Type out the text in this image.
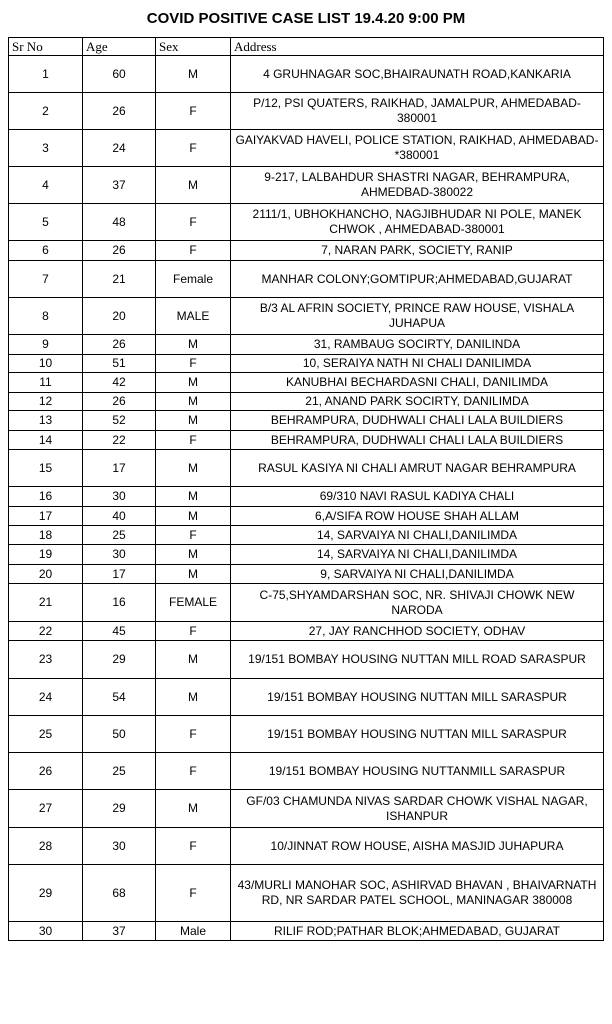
COVID POSITIVE CASE LIST 19.4.20 9:00 PM
Sr No	Age	Sex	Address
1	60	M	4 GRUHNAGAR SOC,BHAIRAUNATH ROAD,KANKARIA
2	26	F	P/12, PSI QUATERS, RAIKHAD, JAMALPUR, AHMEDABAD-380001
3	24	F	GAIYAKVAD HAVELI, POLICE STATION, RAIKHAD, AHMEDABAD-*380001
4	37	M	9-217, LALBAHDUR SHASTRI NAGAR, BEHRAMPURA, AHMEDBAD-380022
5	48	F	2111/1, UBHOKHANCHO, NAGJIBHUDAR NI POLE, MANEK CHWOK , AHMEDABAD-380001
6	26	F	7, NARAN PARK, SOCIETY, RANIP
7	21	Female	MANHAR COLONY;GOMTIPUR;AHMEDABAD,GUJARAT
8	20	MALE	B/3 AL AFRIN SOCIETY, PRINCE RAW HOUSE, VISHALA JUHAPUA
9	26	M	31, RAMBAUG SOCIRTY, DANILINDA
10	51	F	10, SERAIYA NATH NI CHALI DANILIMDA
11	42	M	KANUBHAI BECHARDASNI CHALI, DANILIMDA
12	26	M	21, ANAND PARK SOCIRTY, DANILIMDA
13	52	M	BEHRAMPURA, DUDHWALI CHALI LALA BUILDIERS
14	22	F	BEHRAMPURA, DUDHWALI CHALI LALA BUILDIERS
15	17	M	RASUL KASIYA NI CHALI AMRUT NAGAR BEHRAMPURA
16	30	M	69/310 NAVI RASUL KADIYA CHALI
17	40	M	6,A/SIFA ROW HOUSE SHAH ALLAM
18	25	F	14, SARVAIYA NI CHALI,DANILIMDA
19	30	M	14, SARVAIYA NI CHALI,DANILIMDA
20	17	M	9, SARVAIYA NI CHALI,DANILIMDA
21	16	FEMALE	C-75,SHYAMDARSHAN SOC, NR. SHIVAJI CHOWK NEW NARODA
22	45	F	27, JAY RANCHHOD SOCIETY, ODHAV
23	29	M	19/151 BOMBAY HOUSING NUTTAN MILL ROAD SARASPUR
24	54	M	19/151 BOMBAY HOUSING NUTTAN MILL SARASPUR
25	50	F	19/151 BOMBAY HOUSING NUTTAN MILL SARASPUR
26	25	F	19/151 BOMBAY HOUSING NUTTANMILL SARASPUR
27	29	M	GF/03 CHAMUNDA NIVAS SARDAR CHOWK VISHAL NAGAR, ISHANPUR
28	30	F	10/JINNAT ROW HOUSE, AISHA MASJID JUHAPURA
29	68	F	43/MURLI MANOHAR SOC, ASHIRVAD BHAVAN , BHAIVARNATH RD, NR SARDAR PATEL SCHOOL, MANINAGAR 380008
30	37	Male	RILIF ROD;PATHAR BLOK;AHMEDABAD, GUJARAT
